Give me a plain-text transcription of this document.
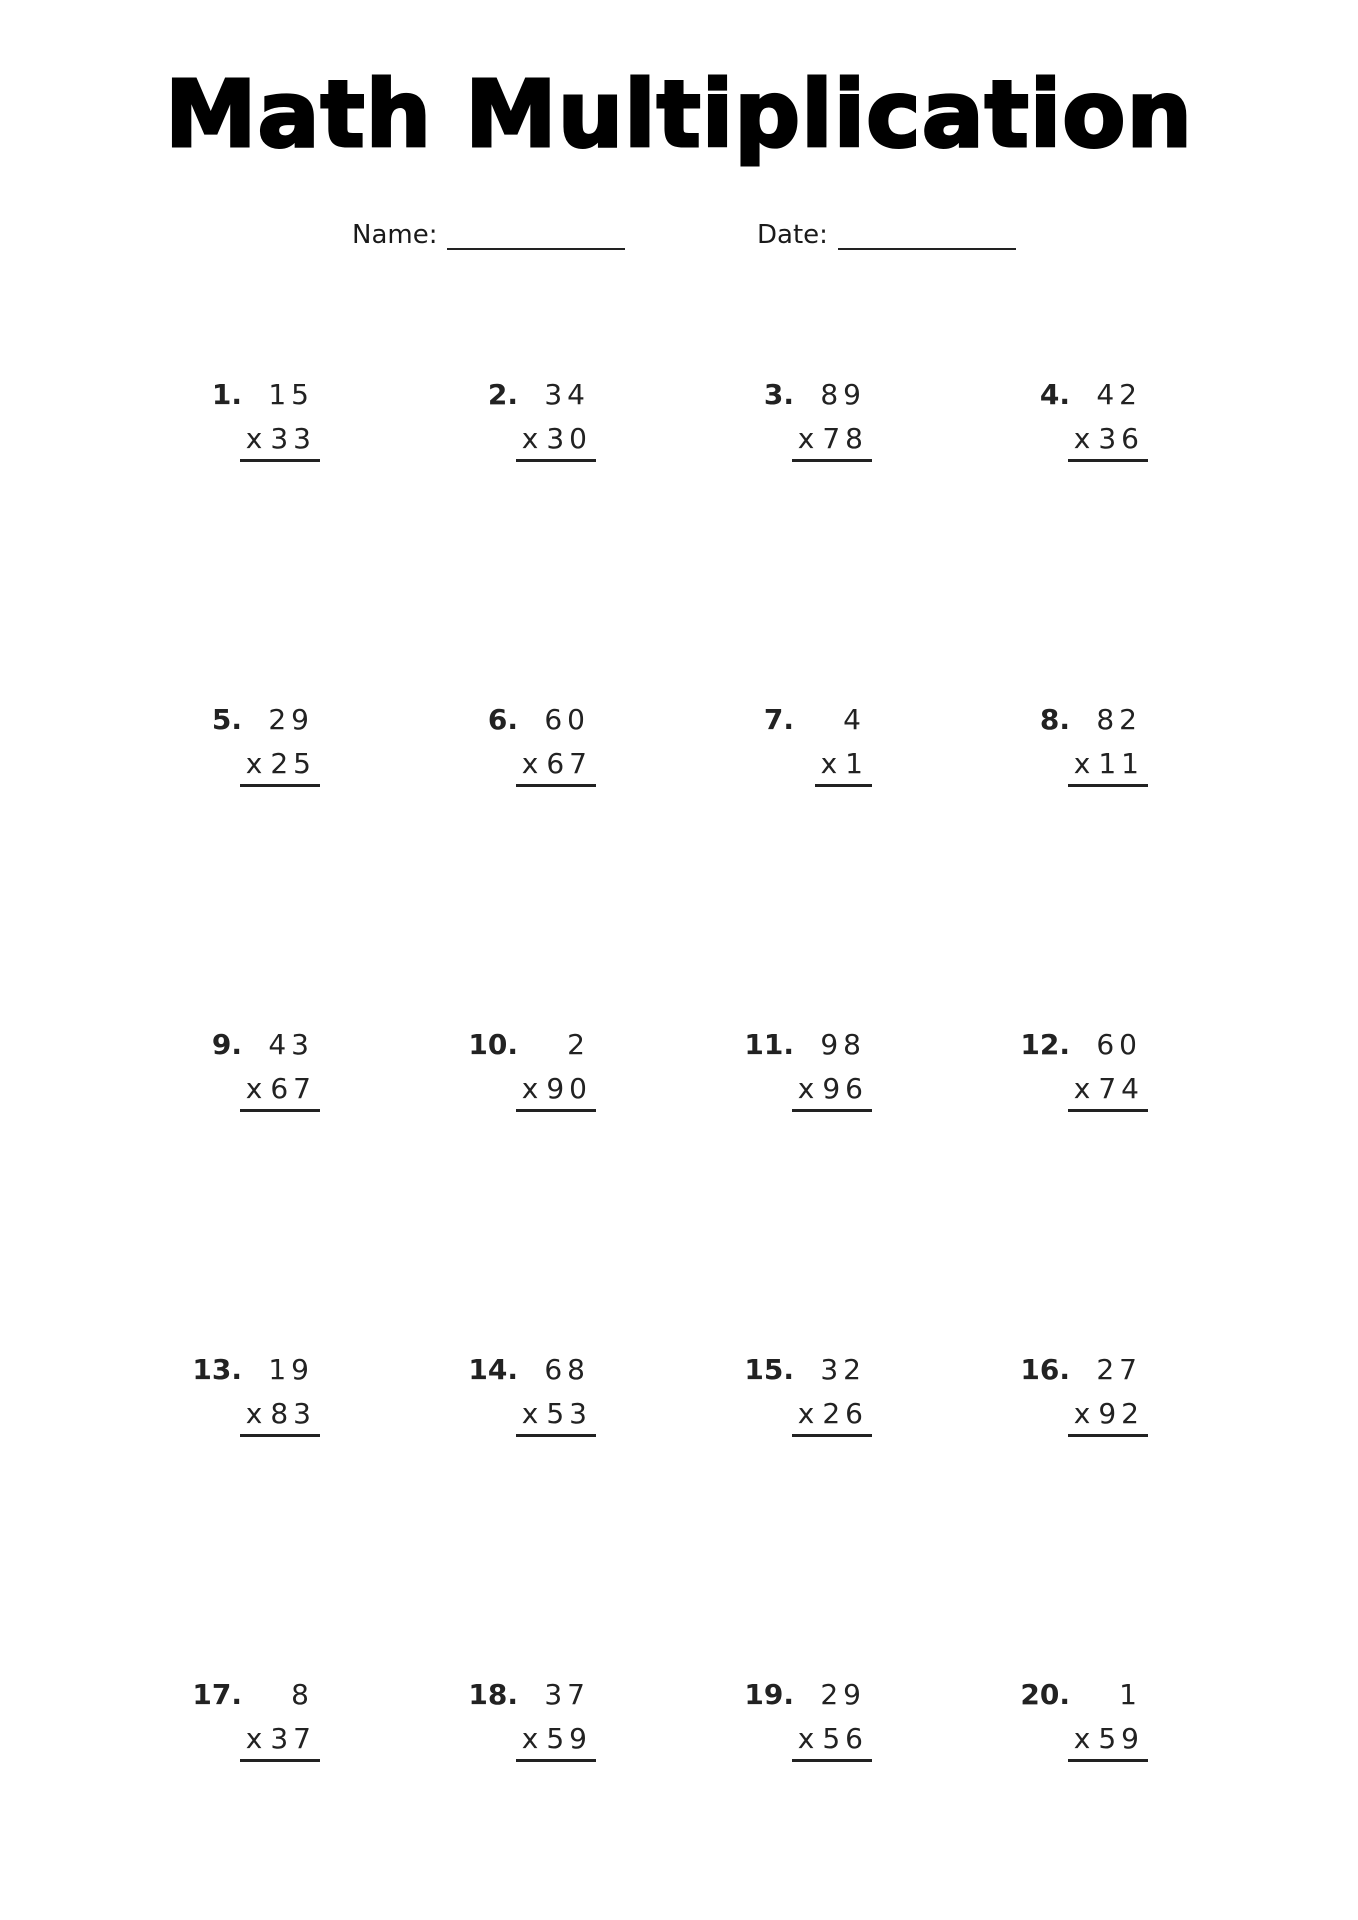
Math Multiplication
Name:	Date:
1. 15
x 33
2. 34
x 30
3. 89
x 78
4. 42
x 36
5. 29
x 25
6. 60
x 67
7. 4
x 1
8. 82
x 11
9. 43
x 67
10. 2
x 90
11. 98
x 96
12. 60
x 74
13. 19
x 83
14. 68
x 53
15. 32
x 26
16. 27
x 92
17. 8
x 37
18. 37
x 59
19. 29
x 56
20. 1
x 59
